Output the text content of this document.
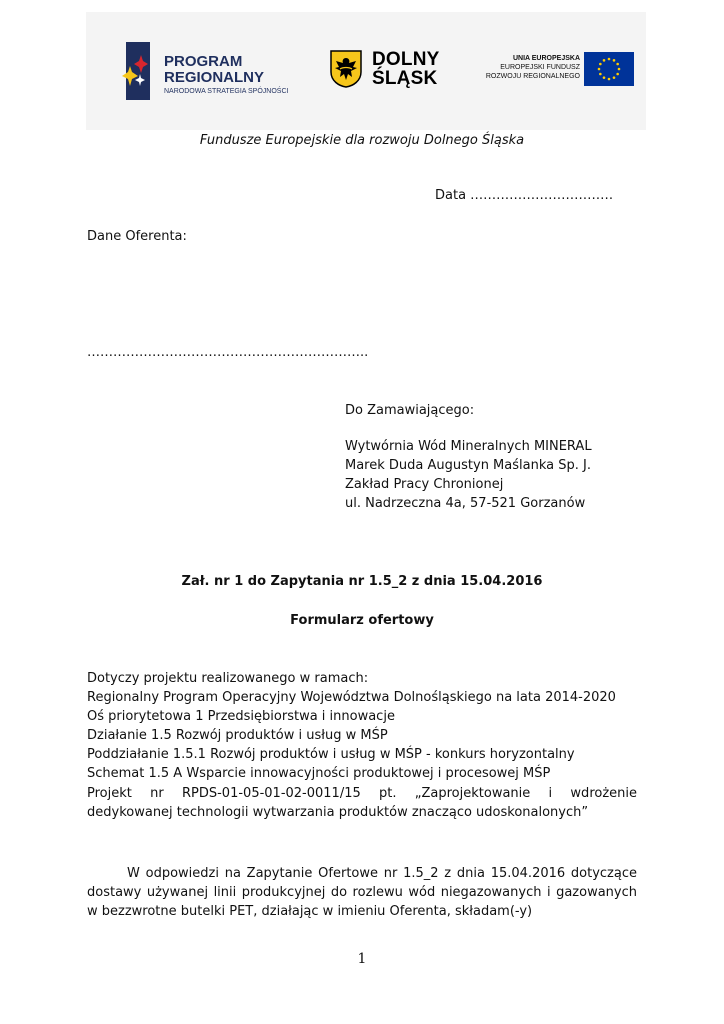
PROGRAM
REGIONALNY
NARODOWA STRATEGIA SPÓJNOŚCI
DOLNY
ŚLĄSK
UNIA EUROPEJSKA
EUROPEJSKI FUNDUSZ
ROZWOJU REGIONALNEGO
Fundusze Europejskie dla rozwoju Dolnego Śląska
Data ……………………………
Dane Oferenta:
………………………………………………………..
Do Zamawiającego:
Wytwórnia Wód Mineralnych MINERAL
Marek Duda Augustyn Maślanka Sp. J.
Zakład Pracy Chronionej
ul. Nadrzeczna 4a, 57-521 Gorzanów
Zał. nr 1 do Zapytania nr 1.5_2 z dnia 15.04.2016
Formularz ofertowy
Dotyczy projektu realizowanego w ramach:
Regionalny Program Operacyjny Województwa Dolnośląskiego na lata 2014-2020
Oś priorytetowa 1 Przedsiębiorstwa i innowacje
Działanie 1.5 Rozwój produktów i usług w MŚP
Poddziałanie 1.5.1 Rozwój produktów i usług w MŚP - konkurs horyzontalny
Schemat 1.5 A Wsparcie innowacyjności produktowej i procesowej MŚP
Projekt nr RPDS-01-05-01-02-0011/15 pt. „Zaprojektowanie i wdrożenie dedykowanej technologii wytwarzania produktów znacząco udoskonalonych”
W odpowiedzi na Zapytanie Ofertowe nr 1.5_2 z dnia 15.04.2016 dotyczące dostawy używanej linii produkcyjnej do rozlewu wód niegazowanych i gazowanych w bezzwrotne butelki PET, działając w imieniu Oferenta, składam(-y)
1
